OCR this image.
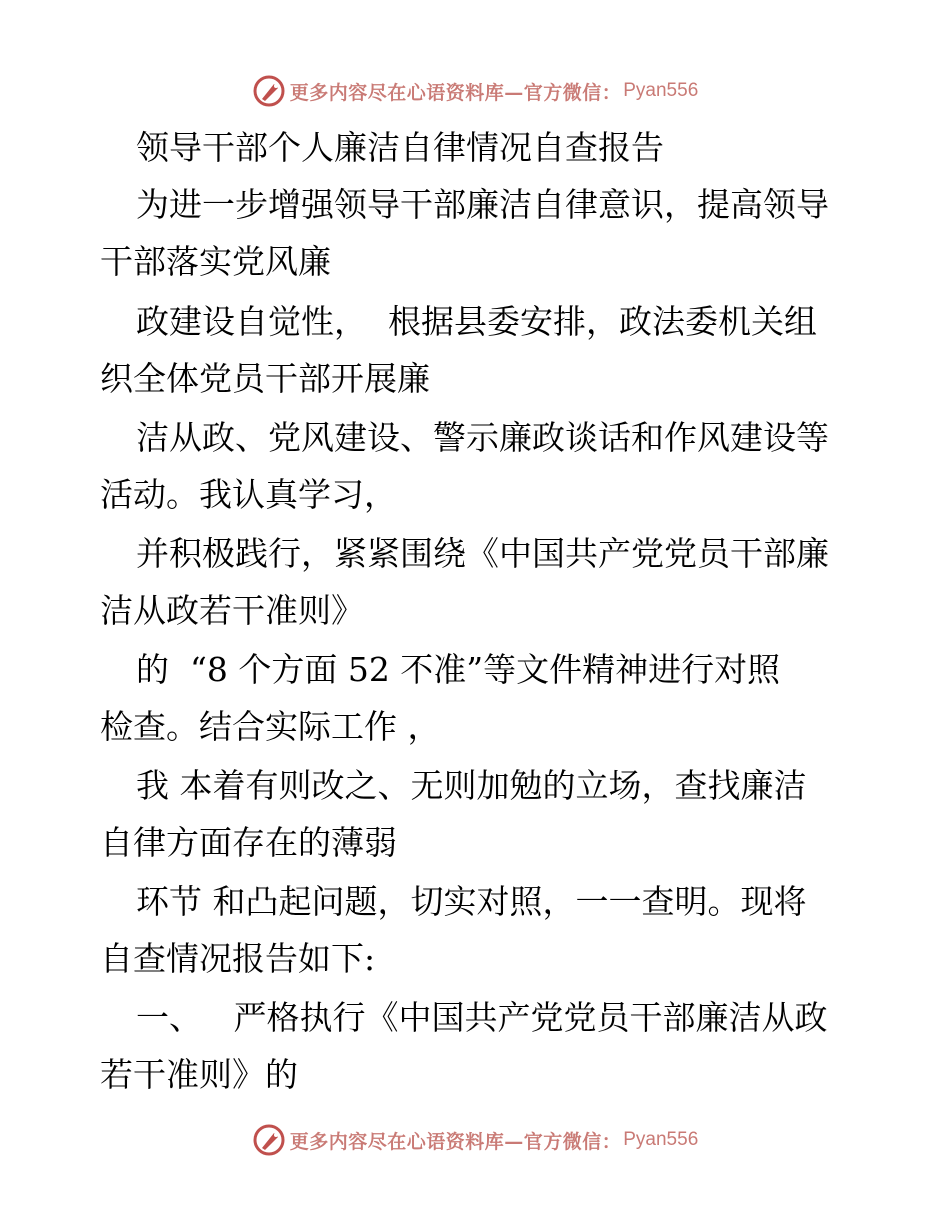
更多内容尽在心语资料库—官方微信： Pyan556
领导干部个人廉洁自律情况自查报告
为进一步增强领导干部廉洁自律意识，提高领导
干部落实党风廉
政建设自觉性，  根据县委安排，政法委机关组
织全体党员干部开展廉
洁从政、党风建设、警示廉政谈话和作风建设等
活动。我认真学习，
并积极践行，紧紧围绕《中国共产党党员干部廉
洁从政若干准则》
的  “8 个方面 52 不准”等文件精神进行对照
检查。结合实际工作 ，
我 本着有则改之、无则加勉的立场，查找廉洁
自律方面存在的薄弱
环节 和凸起问题，切实对照，一一查明。现将
自查情况报告如下:
一、   严格执行《中国共产党党员干部廉洁从政
若干准则》的
更多内容尽在心语资料库—官方微信： Pyan556
